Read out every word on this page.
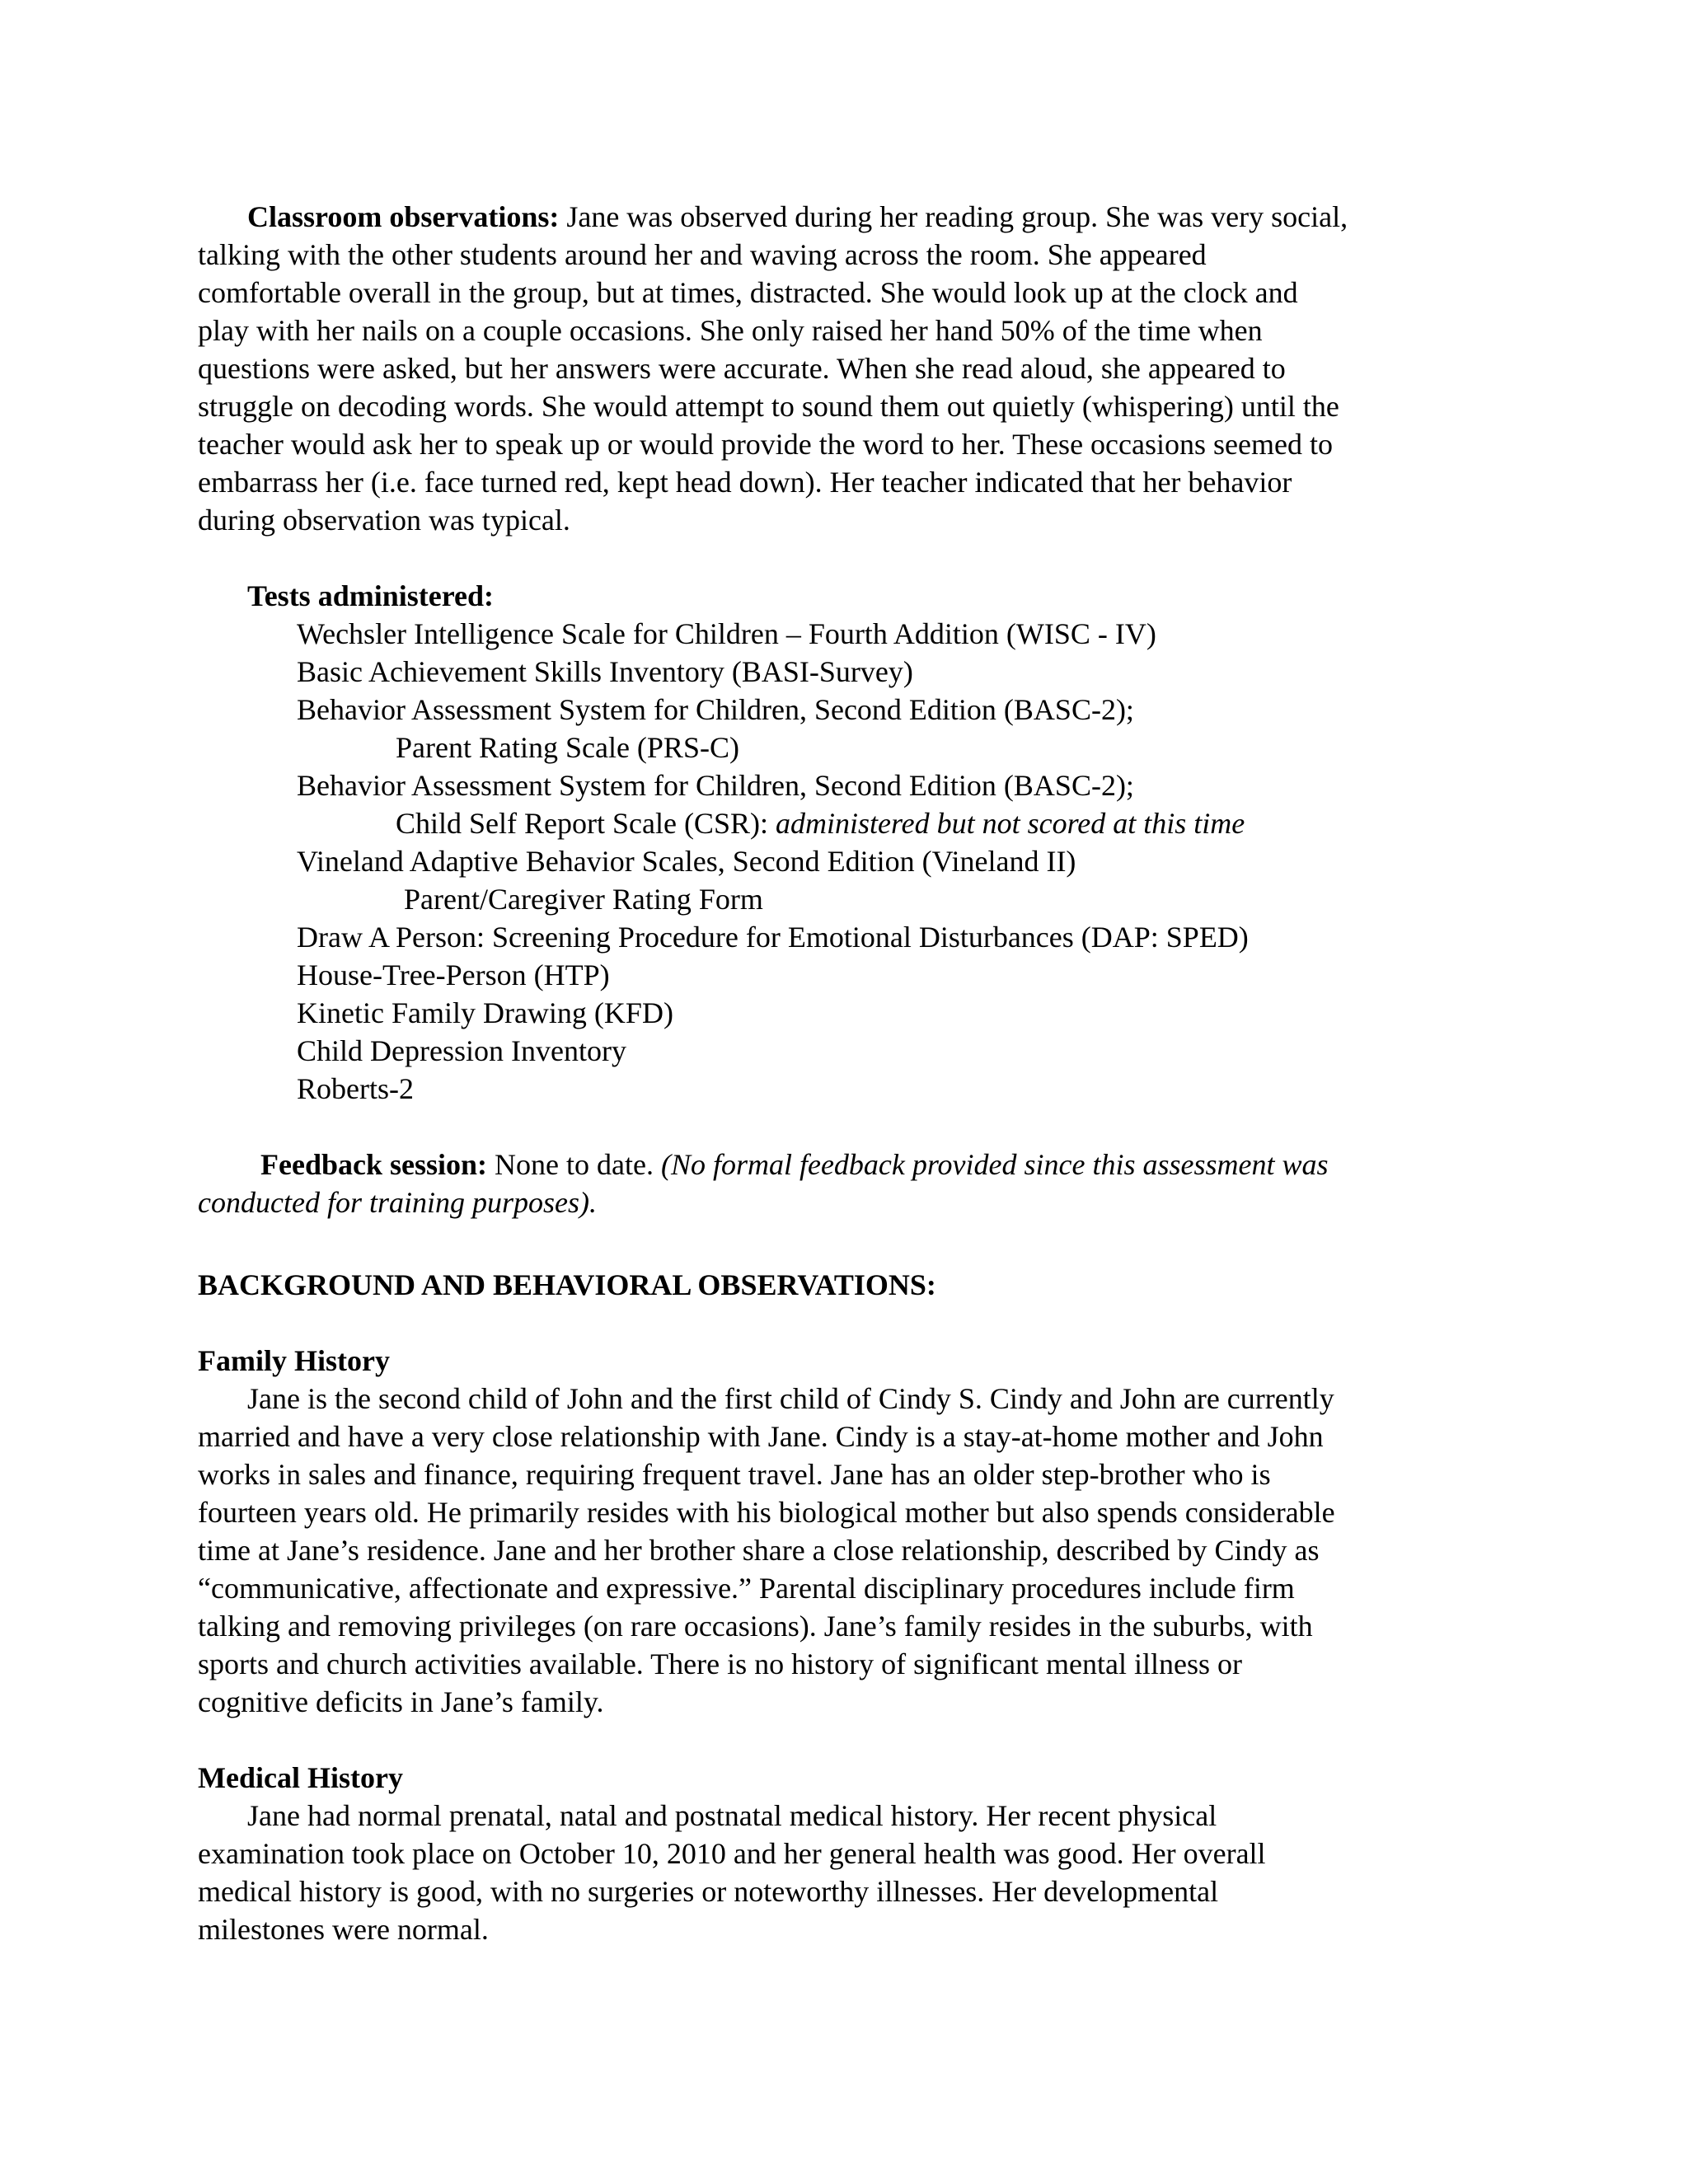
Classroom observations: Jane was observed during her reading group. She was very social,
talking with the other students around her and waving across the room. She appeared
comfortable overall in the group, but at times, distracted. She would look up at the clock and
play with her nails on a couple occasions. She only raised her hand 50% of the time when
questions were asked, but her answers were accurate. When she read aloud, she appeared to
struggle on decoding words. She would attempt to sound them out quietly (whispering) until the
teacher would ask her to speak up or would provide the word to her. These occasions seemed to
embarrass her (i.e. face turned red, kept head down). Her teacher indicated that her behavior
during observation was typical.

Tests administered:
Wechsler Intelligence Scale for Children – Fourth Addition (WISC - IV)
Basic Achievement Skills Inventory (BASI-Survey)
Behavior Assessment System for Children, Second Edition (BASC-2);
Parent Rating Scale (PRS-C)
Behavior Assessment System for Children, Second Edition (BASC-2);
Child Self Report Scale (CSR): administered but not scored at this time
Vineland Adaptive Behavior Scales, Second Edition (Vineland II)
Parent/Caregiver Rating Form
Draw A Person: Screening Procedure for Emotional Disturbances (DAP: SPED)
House-Tree-Person (HTP)
Kinetic Family Drawing (KFD)
Child Depression Inventory
Roberts-2

Feedback session: None to date. (No formal feedback provided since this assessment was
conducted for training purposes).

BACKGROUND AND BEHAVIORAL OBSERVATIONS:
Family History

Jane is the second child of John and the first child of Cindy S. Cindy and John are currently
married and have a very close relationship with Jane. Cindy is a stay-at-home mother and John
works in sales and finance, requiring frequent travel. Jane has an older step-brother who is
fourteen years old. He primarily resides with his biological mother but also spends considerable
time at Jane’s residence. Jane and her brother share a close relationship, described by Cindy as
“communicative, affectionate and expressive.” Parental disciplinary procedures include firm
talking and removing privileges (on rare occasions). Jane’s family resides in the suburbs, with
sports and church activities available. There is no history of significant mental illness or
cognitive deficits in Jane’s family.

Medical History

Jane had normal prenatal, natal and postnatal medical history. Her recent physical
examination took place on October 10, 2010 and her general health was good. Her overall
medical history is good, with no surgeries or noteworthy illnesses. Her developmental
milestones were normal.
